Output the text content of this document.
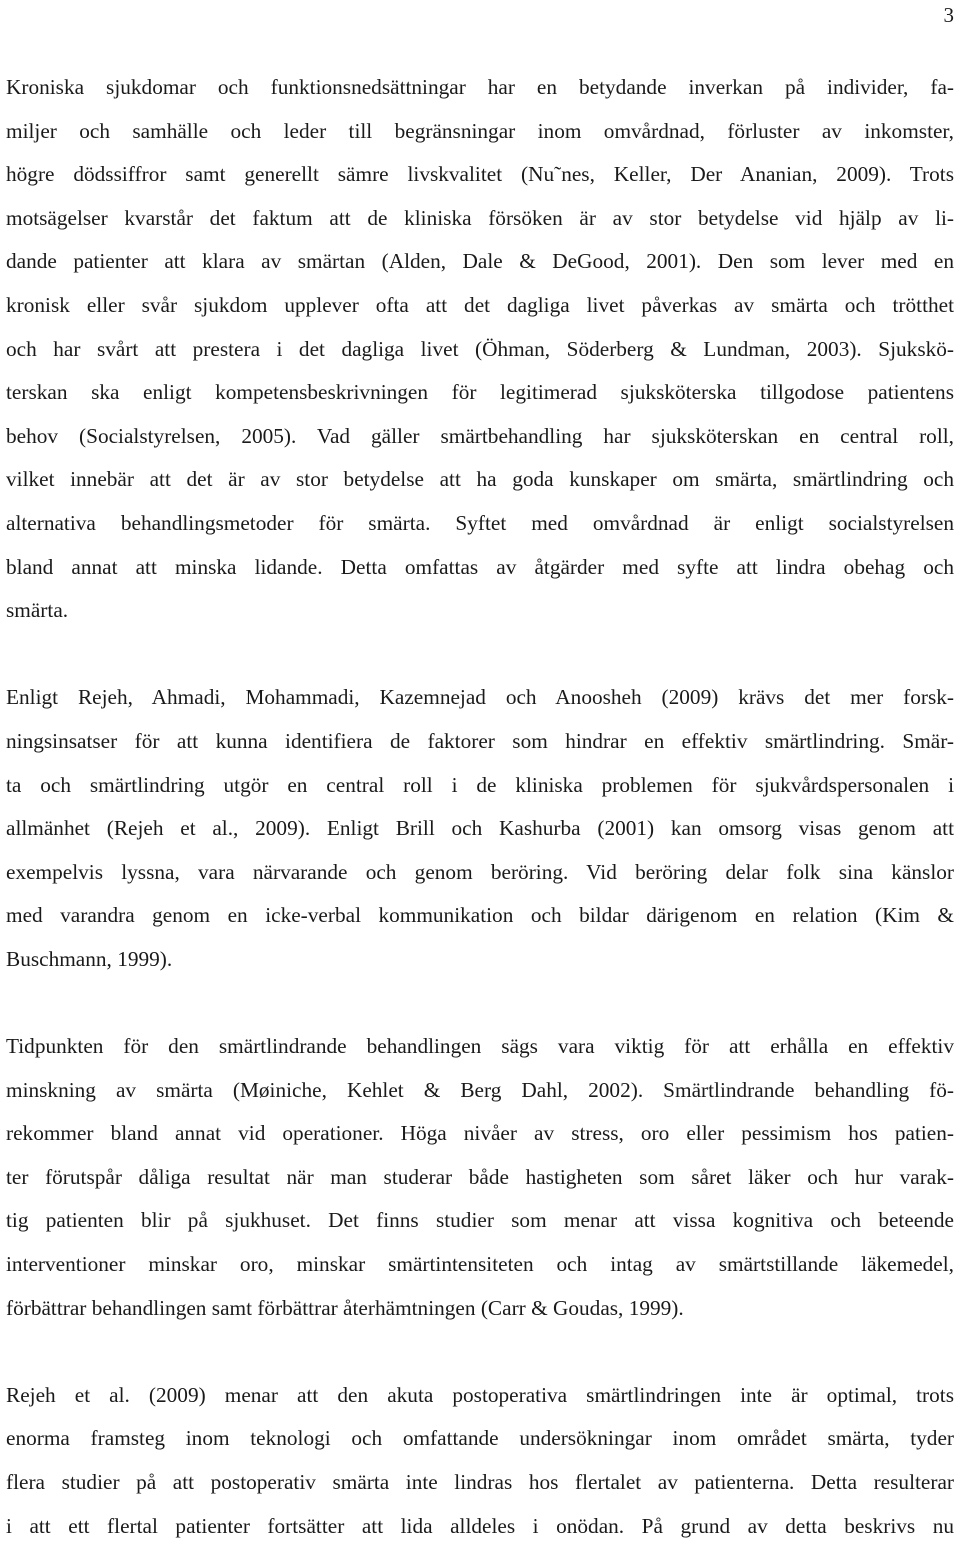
3
Kroniska sjukdomar och funktionsnedsättningar har en betydande inverkan på individer, fa-
miljer och samhälle och leder till begränsningar inom omvårdnad, förluster av inkomster,
högre dödssiffror samt generellt sämre livskvalitet (Nu˜nes, Keller, Der Ananian, 2009). Trots
motsägelser kvarstår det faktum att de kliniska försöken är av stor betydelse vid hjälp av li-
dande patienter att klara av smärtan (Alden, Dale & DeGood, 2001). Den som lever med en
kronisk eller svår sjukdom upplever ofta att det dagliga livet påverkas av smärta och trötthet
och har svårt att prestera i det dagliga livet (Öhman, Söderberg & Lundman, 2003). Sjukskö-
terskan ska enligt kompetensbeskrivningen för legitimerad sjuksköterska tillgodose patientens
behov (Socialstyrelsen, 2005). Vad gäller smärtbehandling har sjuksköterskan en central roll,
vilket innebär att det är av stor betydelse att ha goda kunskaper om smärta, smärtlindring och
alternativa behandlingsmetoder för smärta. Syftet med omvårdnad är enligt socialstyrelsen
bland annat att minska lidande. Detta omfattas av åtgärder med syfte att lindra obehag och
smärta.
Enligt Rejeh, Ahmadi, Mohammadi, Kazemnejad och Anoosheh (2009) krävs det mer forsk-
ningsinsatser för att kunna identifiera de faktorer som hindrar en effektiv smärtlindring. Smär-
ta och smärtlindring utgör en central roll i de kliniska problemen för sjukvårdspersonalen i
allmänhet (Rejeh et al., 2009). Enligt Brill och Kashurba (2001) kan omsorg visas genom att
exempelvis lyssna, vara närvarande och genom beröring. Vid beröring delar folk sina känslor
med varandra genom en icke-verbal kommunikation och bildar därigenom en relation (Kim &
Buschmann, 1999).
Tidpunkten för den smärtlindrande behandlingen sägs vara viktig för att erhålla en effektiv
minskning av smärta (Møiniche, Kehlet & Berg Dahl, 2002). Smärtlindrande behandling fö-
rekommer bland annat vid operationer. Höga nivåer av stress, oro eller pessimism hos patien-
ter förutspår dåliga resultat när man studerar både hastigheten som såret läker och hur varak-
tig patienten blir på sjukhuset. Det finns studier som menar att vissa kognitiva och beteende
interventioner minskar oro, minskar smärtintensiteten och intag av smärtstillande läkemedel,
förbättrar behandlingen samt förbättrar återhämtningen (Carr & Goudas, 1999).
Rejeh et al. (2009) menar att den akuta postoperativa smärtlindringen inte är optimal, trots
enorma framsteg inom teknologi och omfattande undersökningar inom området smärta, tyder
flera studier på att postoperativ smärta inte lindras hos flertalet av patienterna. Detta resulterar
i att ett flertal patienter fortsätter att lida alldeles i onödan. På grund av detta beskrivs nu
